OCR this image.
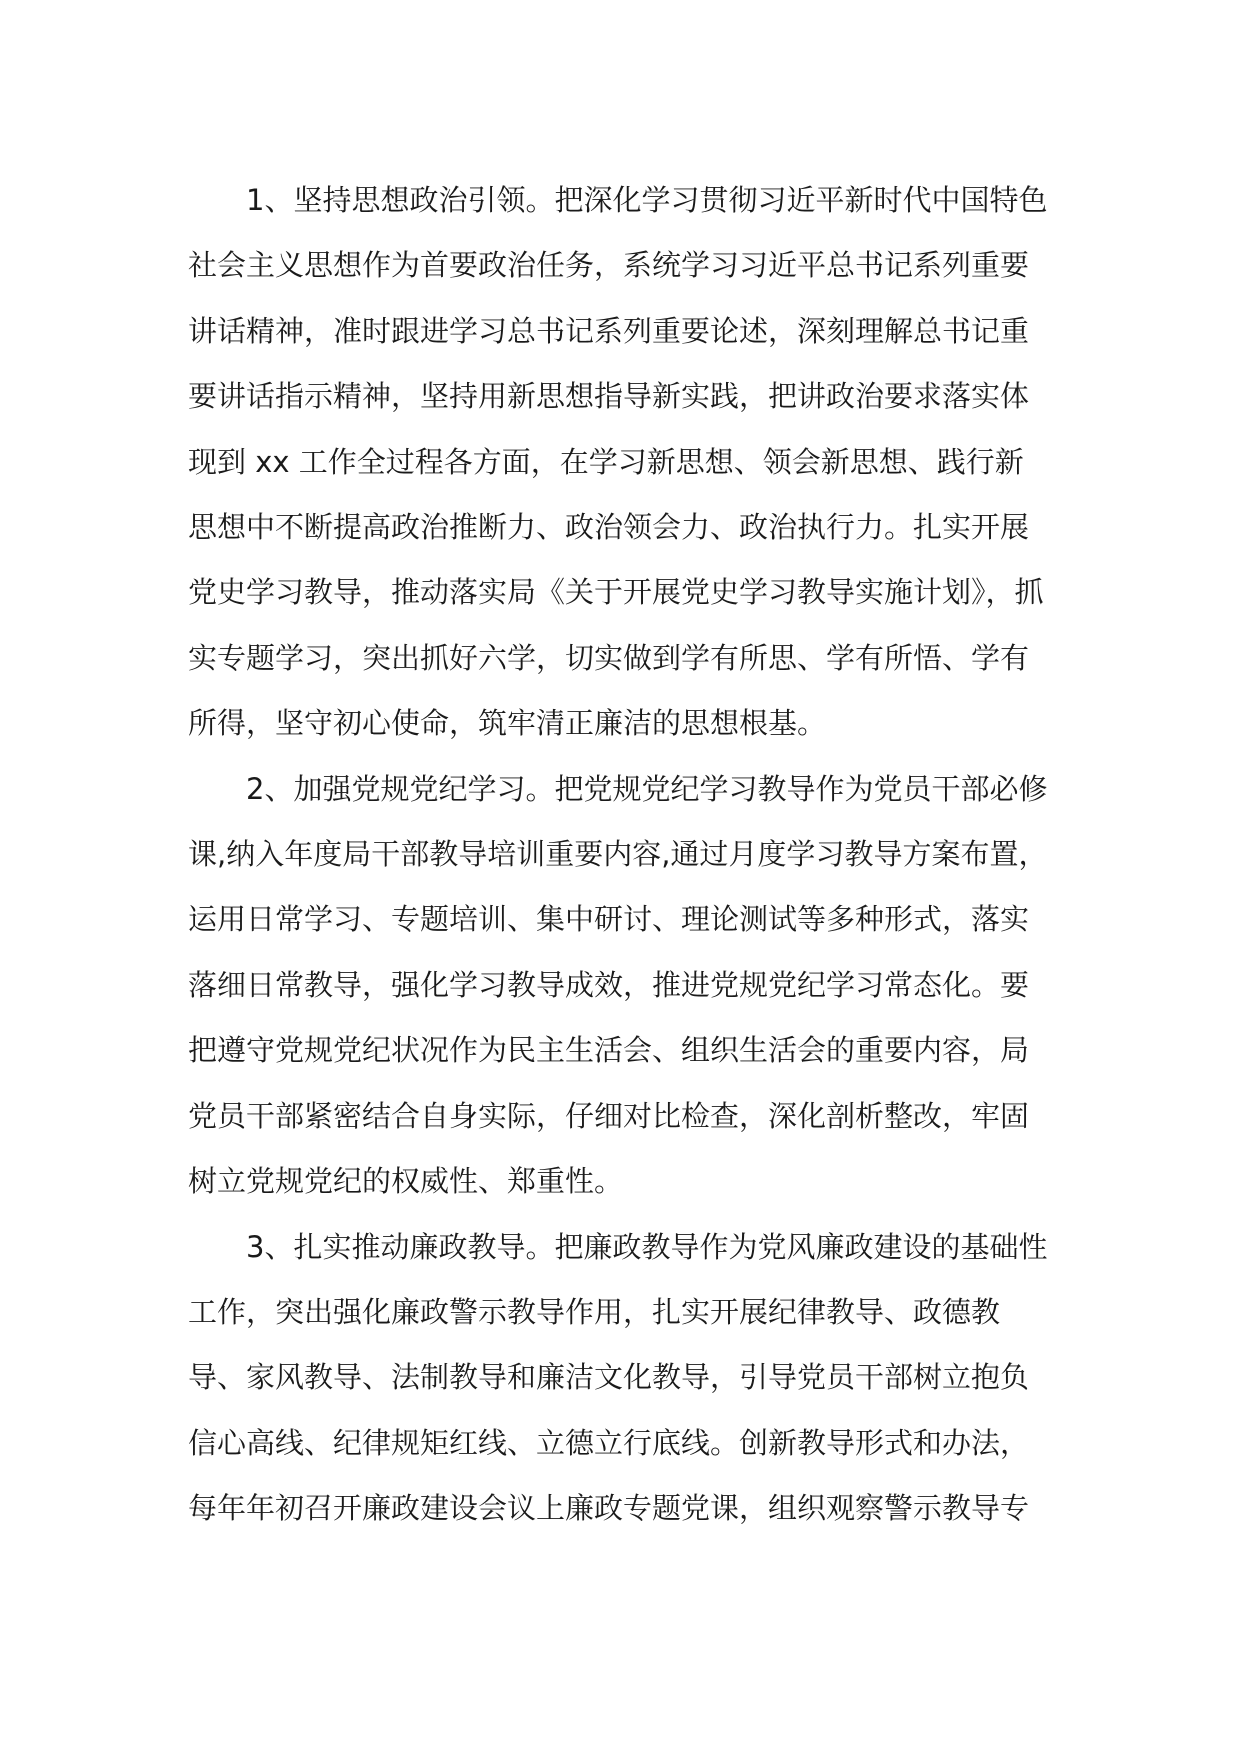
1、坚持思想政治引领。把深化学习贯彻习近平新时代中国特色社会主义思想作为首要政治任务，系统学习习近平总书记系列重要讲话精神，准时跟进学习总书记系列重要论述，深刻理解总书记重要讲话指示精神，坚持用新思想指导新实践，把讲政治要求落实体现到 xx 工作全过程各方面，在学习新思想、领会新思想、践行新思想中不断提高政治推断力、政治领会力、政治执行力。扎实开展党史学习教导，推动落实局《关于开展党史学习教导实施计划》，抓实专题学习，突出抓好六学，切实做到学有所思、学有所悟、学有所得，坚守初心使命，筑牢清正廉洁的思想根基。

2、加强党规党纪学习。把党规党纪学习教导作为党员干部必修课,纳入年度局干部教导培训重要内容,通过月度学习教导方案布置，运用日常学习、专题培训、集中研讨、理论测试等多种形式，落实落细日常教导，强化学习教导成效，推进党规党纪学习常态化。要把遵守党规党纪状况作为民主生活会、组织生活会的重要内容，局党员干部紧密结合自身实际，仔细对比检查，深化剖析整改，牢固树立党规党纪的权威性、郑重性。

3、扎实推动廉政教导。把廉政教导作为党风廉政建设的基础性工作，突出强化廉政警示教导作用，扎实开展纪律教导、政德教导、家风教导、法制教导和廉洁文化教导，引导党员干部树立抱负信心高线、纪律规矩红线、立德立行底线。创新教导形式和办法，每年年初召开廉政建设会议上廉政专题党课，组织观察警示教导专
